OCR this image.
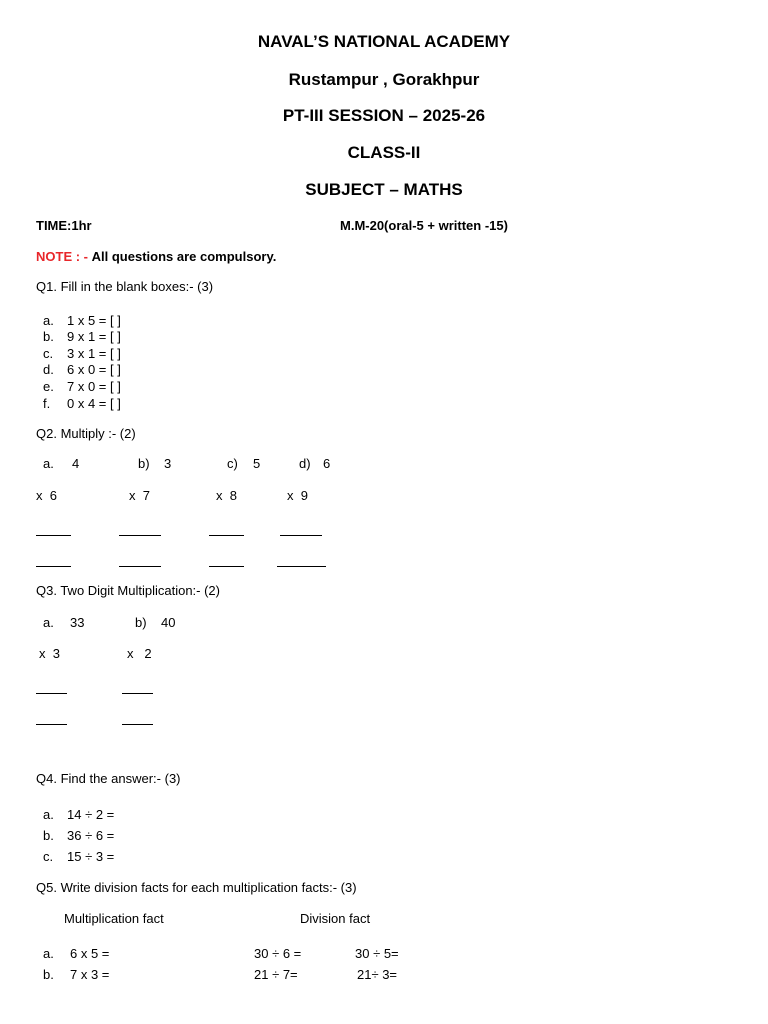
NAVAL’S NATIONAL ACADEMY
Rustampur , Gorakhpur
PT-III SESSION – 2025-26
CLASS-II
SUBJECT – MATHS
TIME:1hr	M.M-20(oral-5 + written -15)
NOTE : - All questions are compulsory.
Q1. Fill in the blank boxes:- (3)
a. 1 x 5 = [ ]
b. 9 x 1 = [ ]
c. 3 x 1 = [ ]
d. 6 x 0 = [ ]
e. 7 x 0 = [ ]
f. 0 x 4 = [ ]
Q2. Multiply :- (2)
a. 4	b) 3	c) 5	d) 6
x  6	x  7	x  8	x  9
Q3. Two Digit Multiplication:- (2)
a. 33	b) 40
x  3	x   2
Q4. Find the answer:- (3)
a. 14 ÷ 2 =
b. 36 ÷ 6 =
c. 15 ÷ 3 =
Q5. Write division facts for each multiplication facts:- (3)
Multiplication fact	Division fact
a. 6 x 5 =	30 ÷ 6 =	30 ÷ 5=
b. 7 x 3 =	21 ÷ 7=	21÷ 3=
